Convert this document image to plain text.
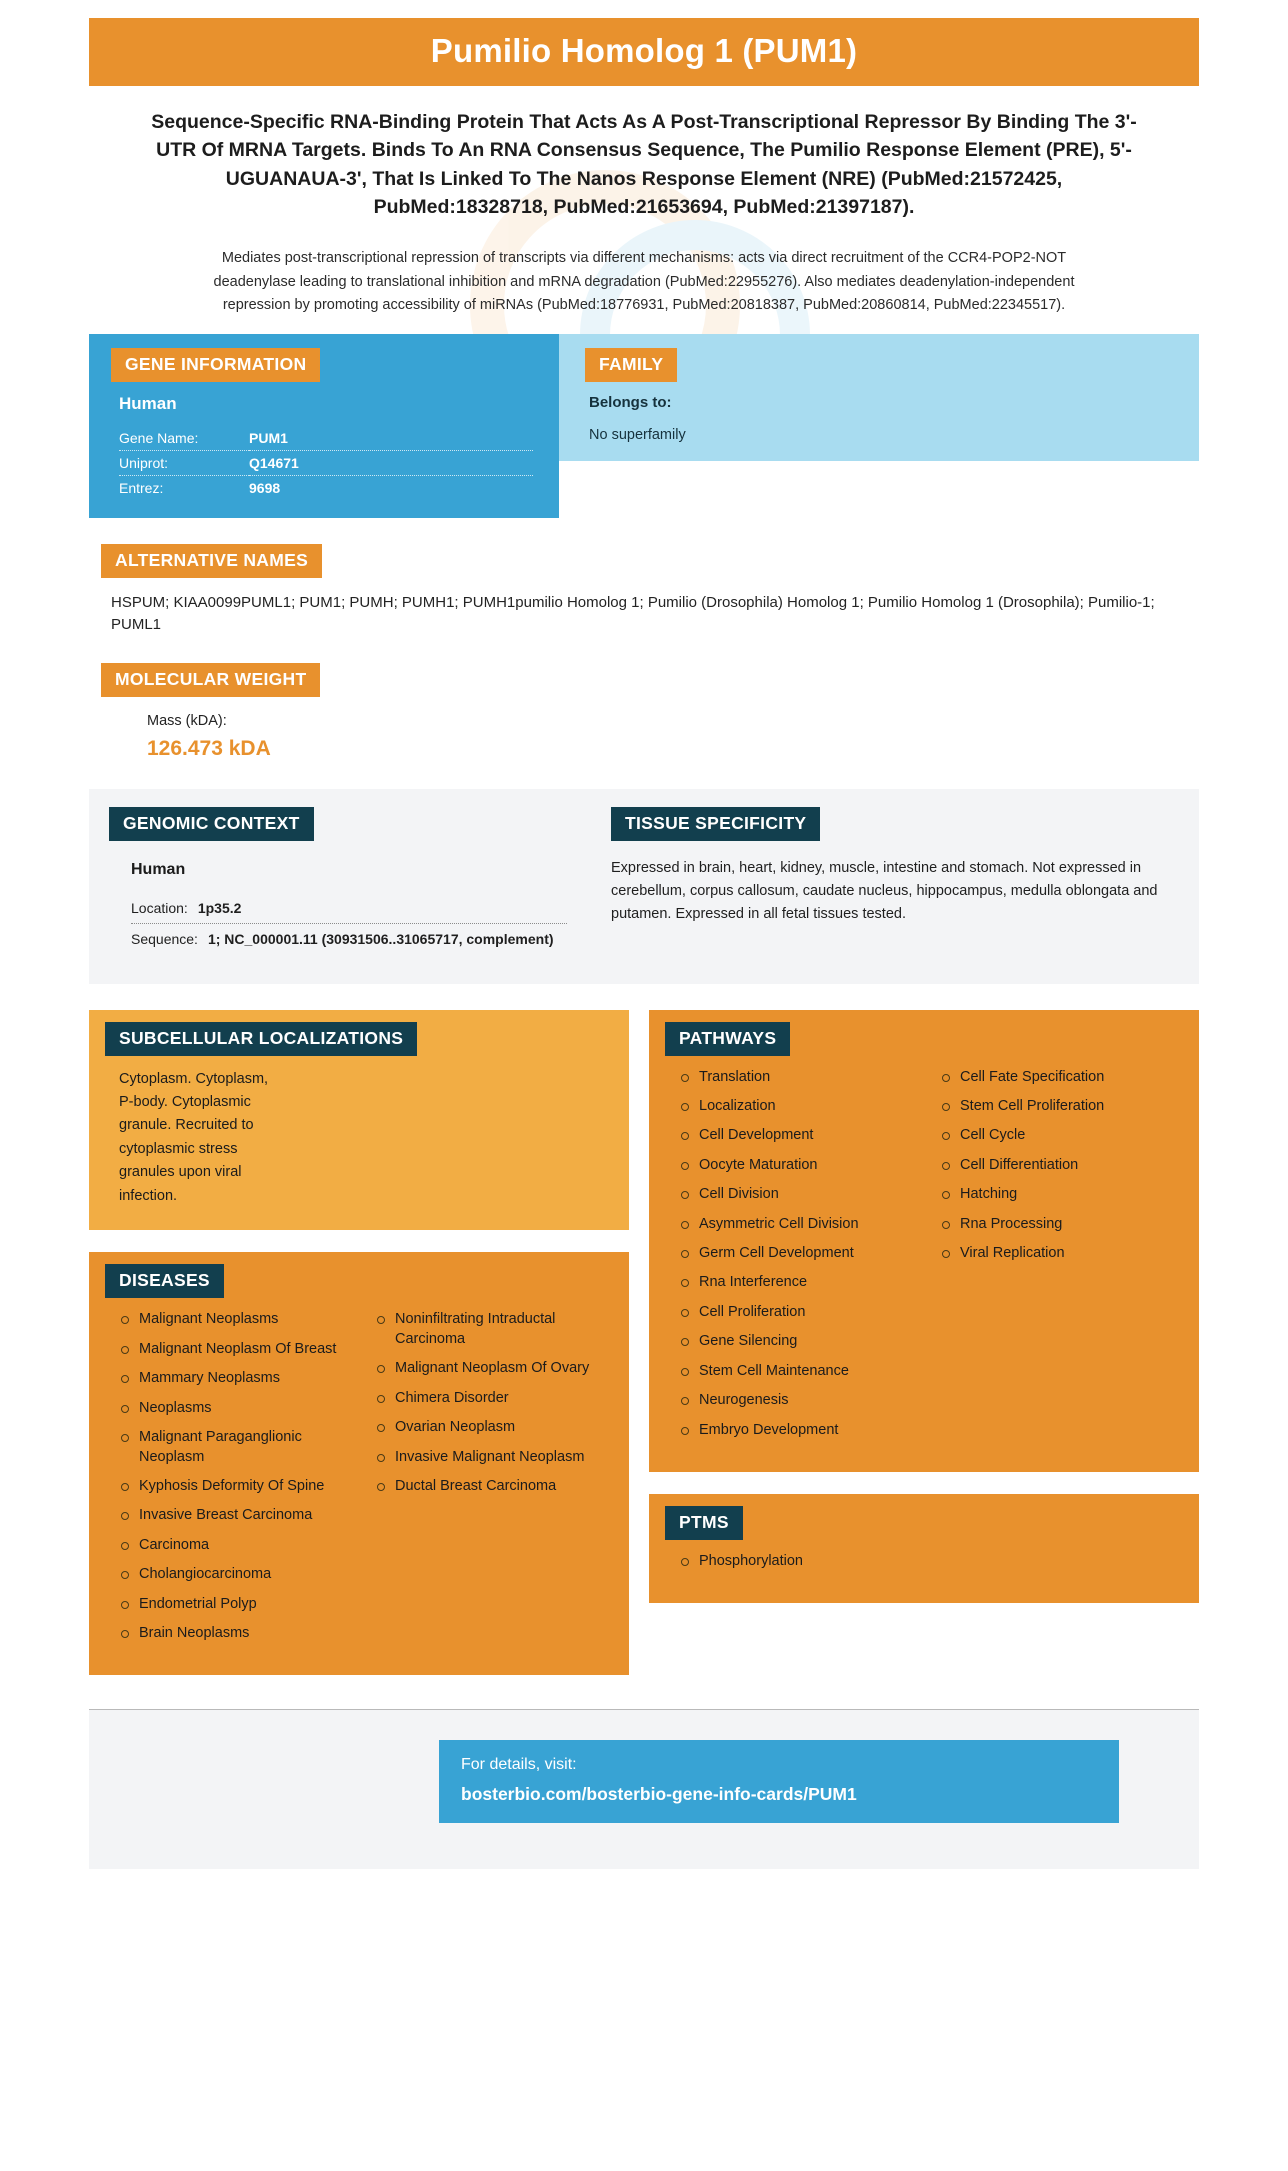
Pumilio Homolog 1 (PUM1)
Sequence-Specific RNA-Binding Protein That Acts As A Post-Transcriptional Repressor By Binding The 3'-UTR Of MRNA Targets. Binds To An RNA Consensus Sequence, The Pumilio Response Element (PRE), 5'-UGUANAUA-3', That Is Linked To The Nanos Response Element (NRE) (PubMed:21572425, PubMed:18328718, PubMed:21653694, PubMed:21397187).
Mediates post-transcriptional repression of transcripts via different mechanisms: acts via direct recruitment of the CCR4-POP2-NOT deadenylase leading to translational inhibition and mRNA degradation (PubMed:22955276). Also mediates deadenylation-independent repression by promoting accessibility of miRNAs (PubMed:18776931, PubMed:20818387, PubMed:20860814, PubMed:22345517).
GENE INFORMATION
Human
Gene Name:	PUM1
Uniprot:	Q14671
Entrez:	9698
FAMILY
Belongs to:
No superfamily
ALTERNATIVE NAMES
HSPUM; KIAA0099PUML1; PUM1; PUMH; PUMH1; PUMH1pumilio Homolog 1; Pumilio (Drosophila) Homolog 1; Pumilio Homolog 1 (Drosophila); Pumilio-1; PUML1
MOLECULAR WEIGHT
Mass (kDA):
126.473 kDA
GENOMIC CONTEXT
Human
Location: 1p35.2
Sequence: 1; NC_000001.11 (30931506..31065717, complement)
TISSUE SPECIFICITY
Expressed in brain, heart, kidney, muscle, intestine and stomach. Not expressed in cerebellum, corpus callosum, caudate nucleus, hippocampus, medulla oblongata and putamen. Expressed in all fetal tissues tested.
SUBCELLULAR LOCALIZATIONS
Cytoplasm. Cytoplasm, P-body. Cytoplasmic granule. Recruited to cytoplasmic stress granules upon viral infection.
DISEASES
Malignant Neoplasms
Malignant Neoplasm Of Breast
Mammary Neoplasms
Neoplasms
Malignant Paraganglionic Neoplasm
Kyphosis Deformity Of Spine
Invasive Breast Carcinoma
Carcinoma
Cholangiocarcinoma
Endometrial Polyp
Brain Neoplasms
Noninfiltrating Intraductal Carcinoma
Malignant Neoplasm Of Ovary
Chimera Disorder
Ovarian Neoplasm
Invasive Malignant Neoplasm
Ductal Breast Carcinoma
PATHWAYS
Translation
Localization
Cell Development
Oocyte Maturation
Cell Division
Asymmetric Cell Division
Germ Cell Development
Rna Interference
Cell Proliferation
Gene Silencing
Stem Cell Maintenance
Neurogenesis
Embryo Development
Cell Fate Specification
Stem Cell Proliferation
Cell Cycle
Cell Differentiation
Hatching
Rna Processing
Viral Replication
PTMS
Phosphorylation
For details, visit:
bosterbio.com/bosterbio-gene-info-cards/PUM1
